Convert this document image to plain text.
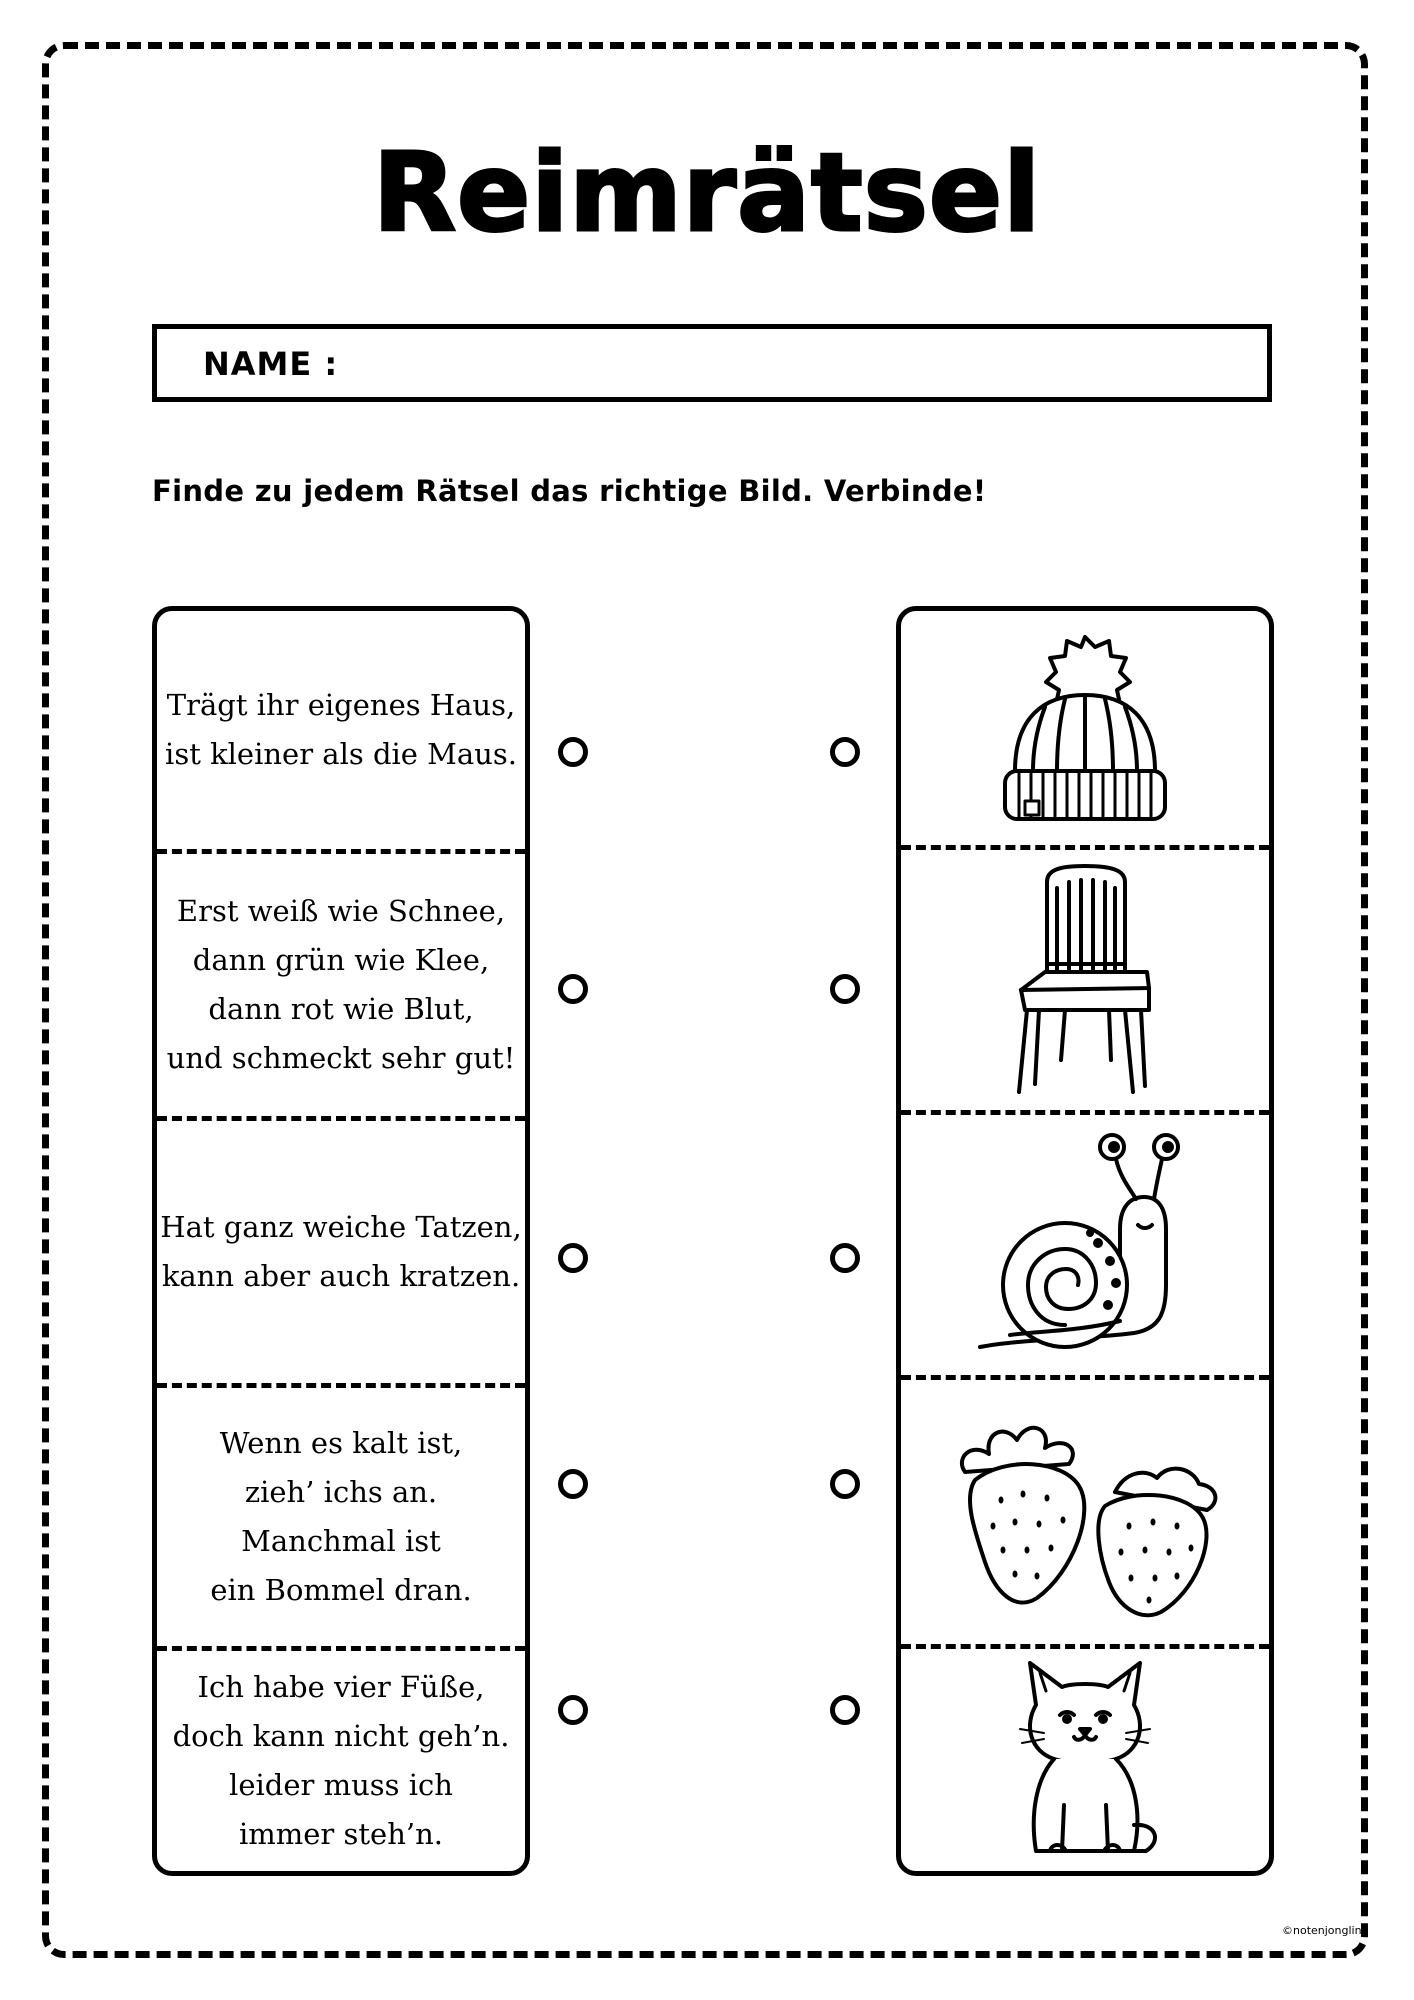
Reimrätsel
NAME :
Finde zu jedem Rätsel das richtige Bild. Verbinde!
Trägt ihr eigenes Haus,
ist kleiner als die Maus.
Erst weiß wie Schnee,
dann grün wie Klee,
dann rot wie Blut,
und schmeckt sehr gut!
Hat ganz weiche Tatzen,
kann aber auch kratzen.
Wenn es kalt ist,
zieh’ ichs an.
Manchmal ist
ein Bommel dran.
Ich habe vier Füße,
doch kann nicht geh’n.
leider muss ich
immer steh’n.
©notenjonglina
